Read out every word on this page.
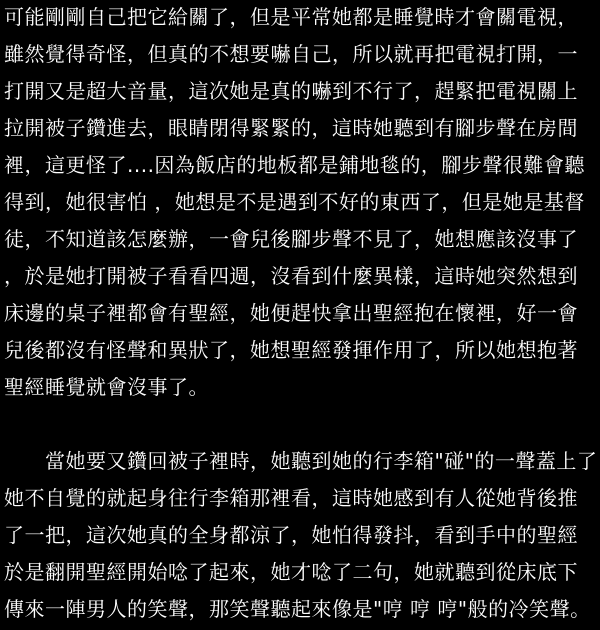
可能剛剛自己把它給關了，但是平常她都是睡覺時才會關電視，
雖然覺得奇怪，但真的不想要嚇自己，所以就再把電視打開，一
打開又是超大音量，這次她是真的嚇到不行了，趕緊把電視關上
拉開被子鑽進去，眼睛閉得緊緊的，這時她聽到有腳步聲在房間
裡，這更怪了....因為飯店的地板都是鋪地毯的，腳步聲很難會聽
得到，她很害怕 ，她想是不是遇到不好的東西了，但是她是基督
徒，不知道該怎麼辦，一會兒後腳步聲不見了，她想應該沒事了
，於是她打開被子看看四週，沒看到什麼異樣，這時她突然想到
床邊的桌子裡都會有聖經，她便趕快拿出聖經抱在懷裡，好一會
兒後都沒有怪聲和異狀了，她想聖經發揮作用了，所以她想抱著
聖經睡覺就會沒事了。
　　當她要又鑽回被子裡時，她聽到她的行李箱"碰"的一聲蓋上了
她不自覺的就起身往行李箱那裡看，這時她感到有人從她背後推
了一把，這次她真的全身都涼了，她怕得發抖，看到手中的聖經
於是翻開聖經開始唸了起來，她才唸了二句，她就聽到從床底下
傳來一陣男人的笑聲，那笑聲聽起來像是"哼 哼 哼"般的冷笑聲。
